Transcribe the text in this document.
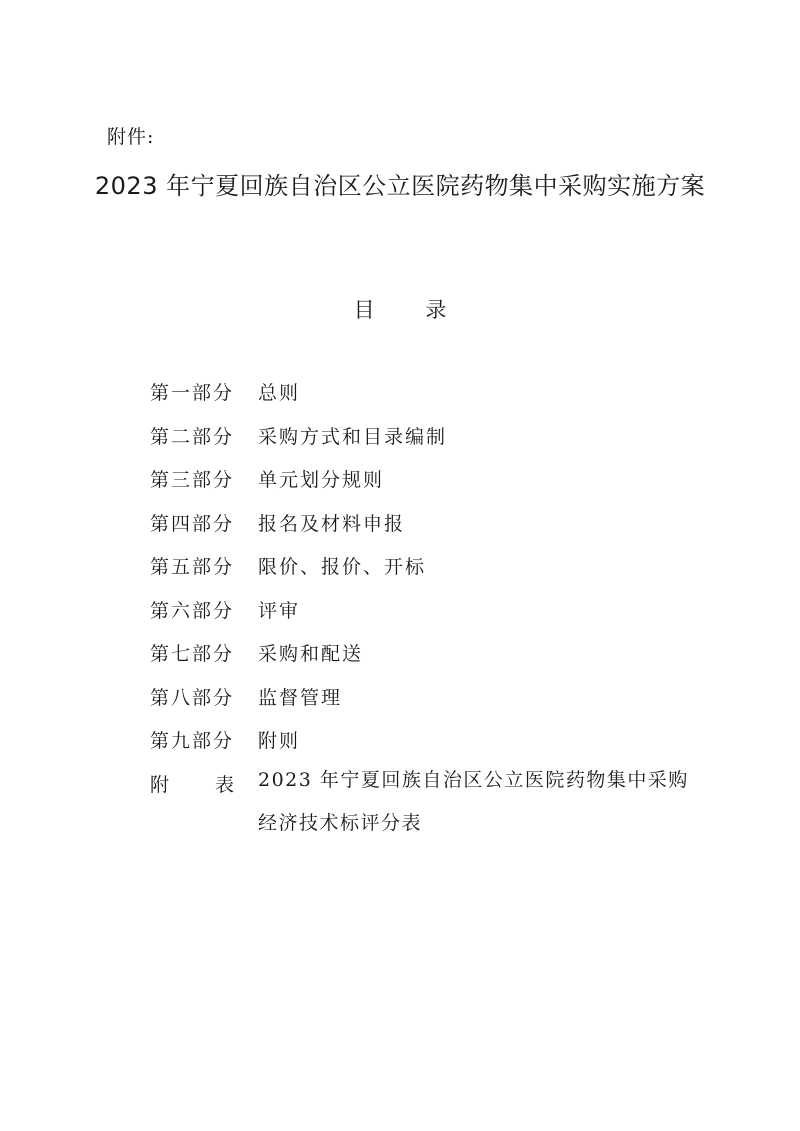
附件:
2023 年宁夏回族自治区公立医院药物集中采购实施方案
目 录
第一部分	总则
第二部分	采购方式和目录编制
第三部分	单元划分规则
第四部分	报名及材料申报
第五部分	限价、报价、开标
第六部分	评审
第七部分	采购和配送
第八部分	监督管理
第九部分	附则
附 表 2023 年宁夏回族自治区公立医院药物集中采购经济技术标评分表
